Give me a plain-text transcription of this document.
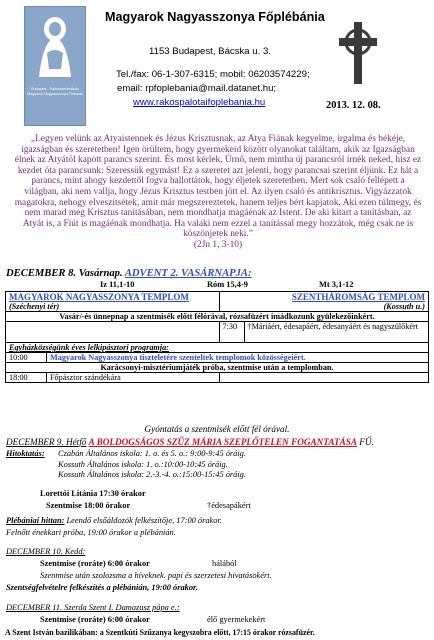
Budapest - Rákosszentmihály Magyarok Nagyasszonya Plébánia
Magyarok Nagyasszonya Főplébánia
1153 Budapest, Bácska u. 3.
Tel./fax: 06-1-307-6315; mobil: 06203574229;
email: rpfoplebania@mail.datanet.hu;
www.rakospalotaifoplebania.hu	2013. 12. 08.
„Legyen velünk az Atyaistennek és Jézus Krisztusnak, az Atya Fiának kegyelme, irgalma és békéje, igazságban és szeretetben! Igen örültem, hogy gyermekeid között olyanokat találtam, akik az Igazságban élnek az Atyától kapott parancs szerint. És most kérlek, Úrnő, nem mintha új parancsról írnék neked, hisz ez kezdet óta parancsunk: Szeressük egymást! Ez a szeretet azt jelenti, hogy parancsai szerint éljünk. Ez hát a parancs, mint ahogy kezdettől fogva hallottátok, hogy éljetek szeretetben. Mert sok csaló fellépett a világban, aki nem vallja, hogy Jézus Krisztus testben jött el. Az ilyen csaló és antikrisztus. Vigyázzatok magatokra, nehogy elveszítsétek, amit már megszereztetek, hanem teljes bért kapjatok. Aki ezen túlmegy, és nem marad meg Krisztus tanításában, nem mondhatja magáénak az Istent. De aki kitart a tanításban, az Atyát is, a Fiút is magáénak mondhatja. Ha valaki nem ezzel a tanítással megy hozzátok, még csak ne is köszönjetek neki.”
(2Jn 1, 3-10)
DECEMBER 8. Vasárnap. ADVENT 2. VASÁRNAPJA:
Iz 11,1-10	Róm 15,4-9	Mt 3,1-12
MAGYAROK NAGYASSZONYA TEMPLOM
(Széchenyi tér)		SZENTHÁROMSÁG TEMPLOM
(Kossuth u.)	
Vasár/-és ünnepnap a szentmisék előtt félórával, rózsafüzért imádkozunk gyülekezőinkért.			
		7:30	†Máriáért, édesapáért, édesanyáért és nagyszülőkért
Egyházközségünk éves lelkipásztori programja:			
10:00	Magyarok Nagyasszonya tiszteletére szenteltek templomok közösségeiért.		
Karácsonyi-misztériumjáték próba, szentmise után a templomban.			
18:00	Főpásztor szándékára		
Gyóntatás a szentmisék előtt fél órával.
DECEMBER 9. Hétfő A BOLDOGSÁGOS SZŰZ MÁRIA SZEPLŐTELEN FOGANTATÁSA FŰ.
Hitoktatás: Czabán Általános iskola: 1. o. és 5. o.: 9:00-9:45 óráig.
Kossuth Általános iskola: 1. o.:10:00-10:45 óráig.
Kossuth Általános iskola: 2.-3.-4. o.:15:00-15:45 óráig.
Lorettói Litánia 17:30 órakor
Szentmise 18:00 órakor	†édesapákért
Plébániai hittan: Leendő elsőáldozók felkészítője, 17:00 órakor.
Felnőtt énekkari próba, 19:00 órakor a plébánián.
DECEMBER 10. Kedd:
Szentmise (roráte) 6:00 órakor	hálából
Szentmise után szolozsma a híveknek. papi és szerzetesi hivatásokért.
Szentségfelvételre felkészítés a plébánián, 19:00 órakor.
DECEMBER 11. Szerda Szent I. Damazusz pápa e.:
Szentmise (roráte) 6:00 órakor	élő gyermekekért
A Szent István bazilikában: a Szentkúti Szűzanya kegyszobra előtt, 17:15 órakor rózsafüzér.
